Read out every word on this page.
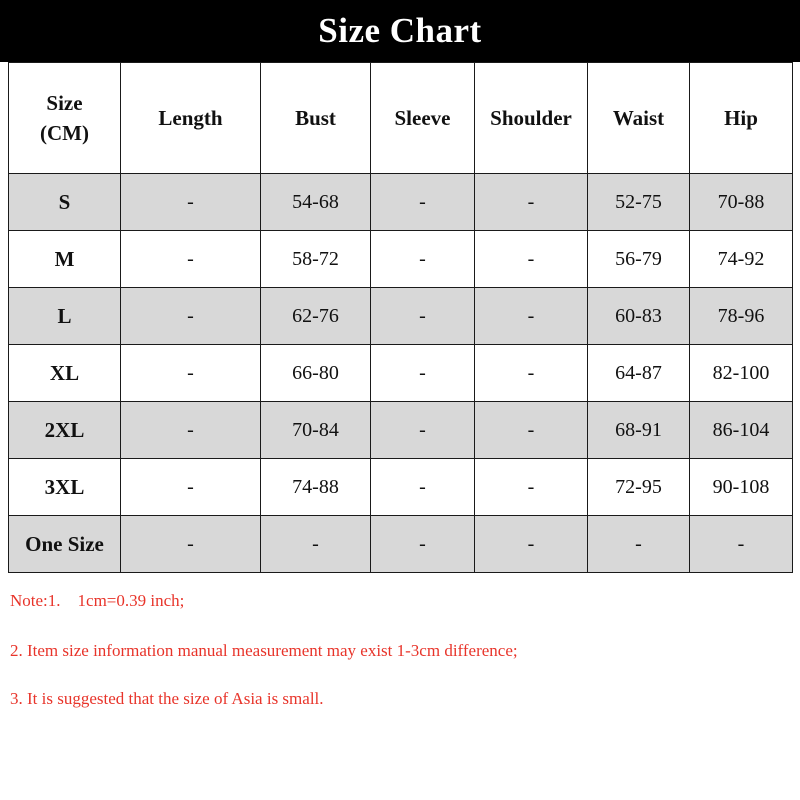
Size Chart
Size
(CM)	Length	Bust	Sleeve	Shoulder	Waist	Hip
S	-	54-68	-	-	52-75	70-88
M	-	58-72	-	-	56-79	74-92
L	-	62-76	-	-	60-83	78-96
XL	-	66-80	-	-	64-87	82-100
2XL	-	70-84	-	-	68-91	86-104
3XL	-	74-88	-	-	72-95	90-108
One Size	-	-	-	-	-	-
Note:1.    1cm=0.39 inch;
2. Item size information manual measurement may exist 1-3cm difference;
3. It is suggested that the size of Asia is small.
